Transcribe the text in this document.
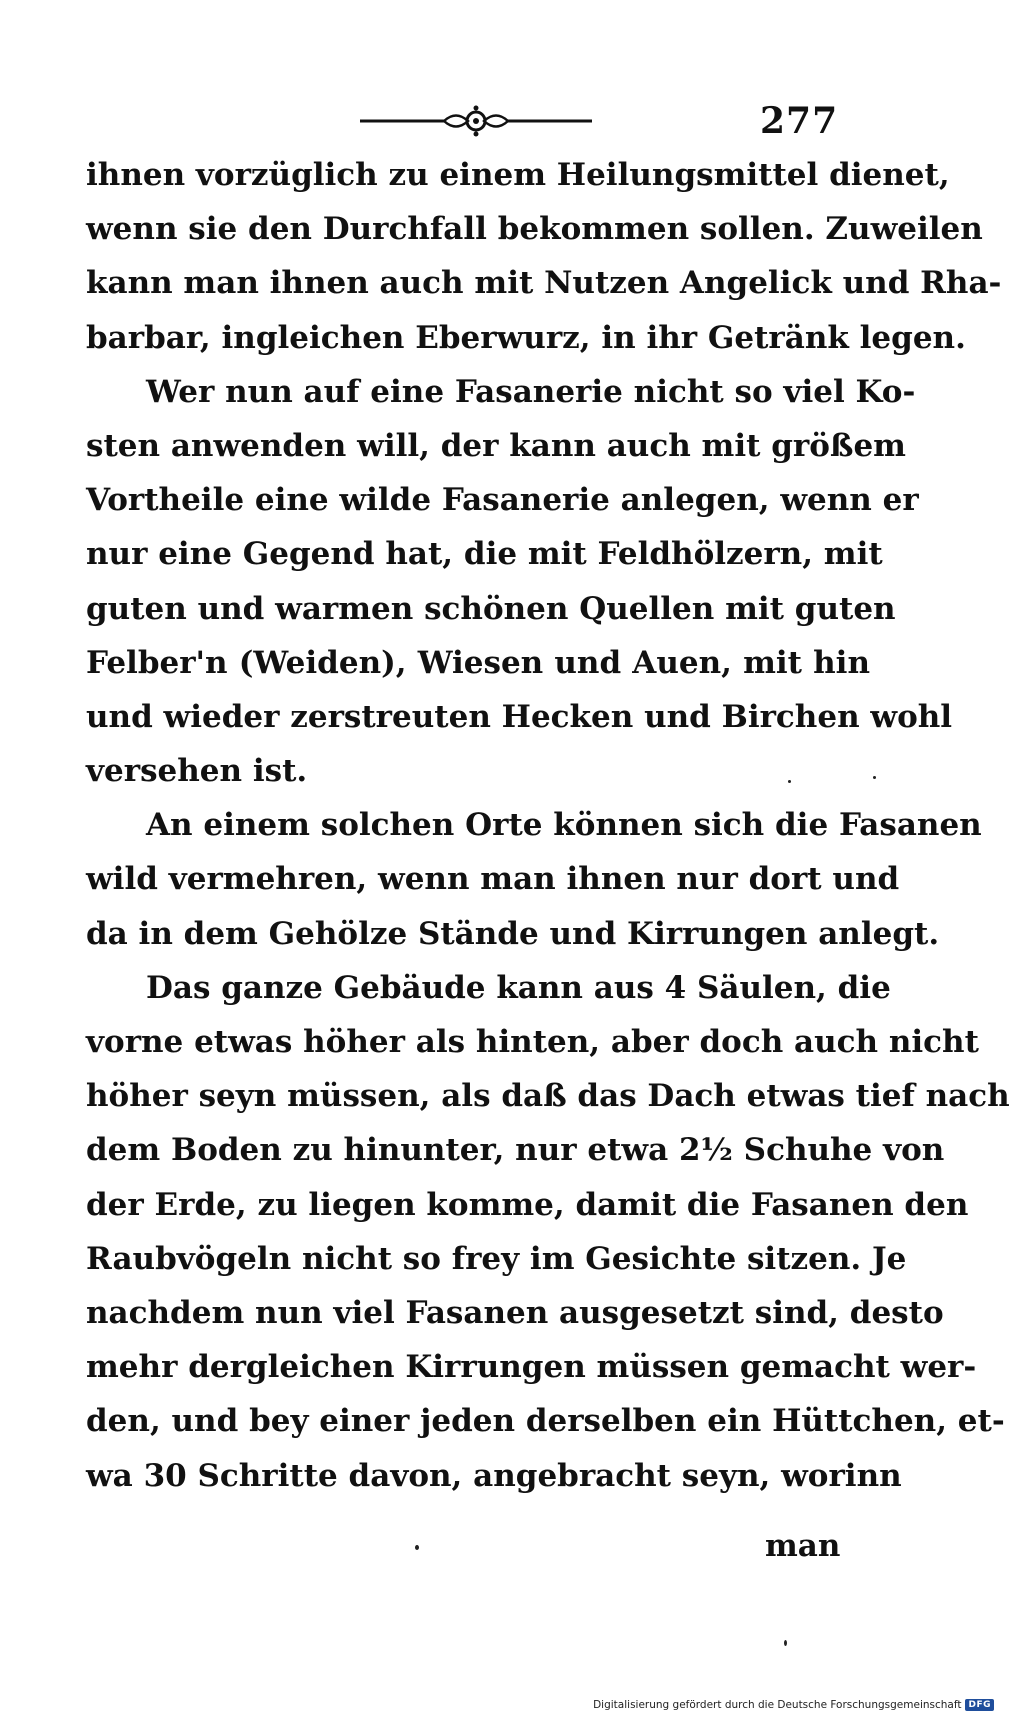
277
ihnen vorzüglich zu einem Heilungsmittel dienet,
wenn sie den Durchfall bekommen sollen. Zuweilen
kann man ihnen auch mit Nutzen Angelick und Rha-
barbar, ingleichen Eberwurz, in ihr Getränk legen.
Wer nun auf eine Fasanerie nicht so viel Ko-
sten anwenden will, der kann auch mit größem
Vortheile eine wilde Fasanerie anlegen, wenn er
nur eine Gegend hat, die mit Feldhölzern, mit
guten und warmen schönen Quellen mit guten
Felber'n (Weiden), Wiesen und Auen, mit hin
und wieder zerstreuten Hecken und Birchen wohl
versehen ist.
An einem solchen Orte können sich die Fasanen
wild vermehren, wenn man ihnen nur dort und
da in dem Gehölze Stände und Kirrungen anlegt.
Das ganze Gebäude kann aus 4 Säulen, die
vorne etwas höher als hinten, aber doch auch nicht
höher seyn müssen, als daß das Dach etwas tief nach
dem Boden zu hinunter, nur etwa 2½ Schuhe von
der Erde, zu liegen komme, damit die Fasanen den
Raubvögeln nicht so frey im Gesichte sitzen. Je
nachdem nun viel Fasanen ausgesetzt sind, desto
mehr dergleichen Kirrungen müssen gemacht wer-
den, und bey einer jeden derselben ein Hüttchen, et-
wa 30 Schritte davon, angebracht seyn, worinn
man
Digitalisierung gefördert durch die Deutsche Forschungsgemeinschaft DFG
